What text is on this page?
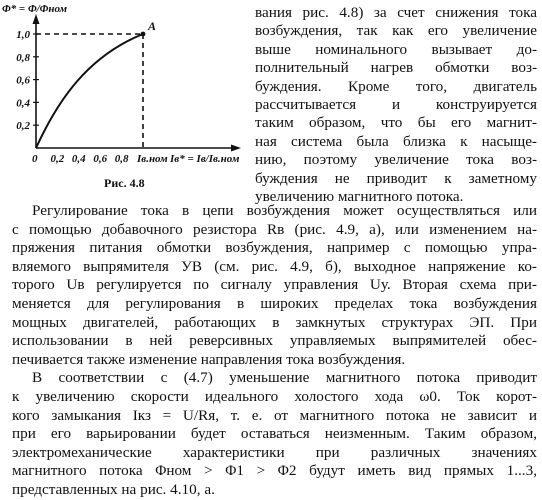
0,2
0,4
0,6
0,8
1,0
0 0,2 0,4 0,6 0,8 Iв.ном
Φ* = Φ/Φном
A
Iв* = Iв/Iв.ном
Рис. 4.8
вания рис. 4.8) за счет снижения тока
возбуждения, так как его увеличение
выше номинального вызывает до-
полнительный нагрев обмотки воз-
буждения. Кроме того, двигатель
рассчитывается и конструируется
таким образом, что бы его магнит-
ная система была близка к насыще-
нию, поэтому увеличение тока воз-
буждения не приводит к заметному
увеличению магнитного потока.
Регулирование тока в цепи возбуждения может осуществляться или
с помощью добавочного резистора Rв (рис. 4.9, а), или изменением на-
пряжения питания обмотки возбуждения, например с помощью упра-
вляемого выпрямителя УВ (см. рис. 4.9, б), выходное напряжение ко-
торого Uв регулируется по сигналу управления Uу. Вторая схема при-
меняется для регулирования в широких пределах тока возбуждения
мощных двигателей, работающих в замкнутых структурах ЭП. При
использовании в ней реверсивных управляемых выпрямителей обес-
печивается также изменение направления тока возбуждения.
В соответствии с (4.7) уменьшение магнитного потока приводит
к увеличению скорости идеального холостого хода ω0. Ток корот-
кого замыкания Iкз = U/Rя, т. е. от магнитного потока не зависит и
при его варьировании будет оставаться неизменным. Таким образом,
электромеханические характеристики при различных значениях
магнитного потока Φном > Φ1 > Φ2 будут иметь вид прямых 1...3,
представленных на рис. 4.10, а.
